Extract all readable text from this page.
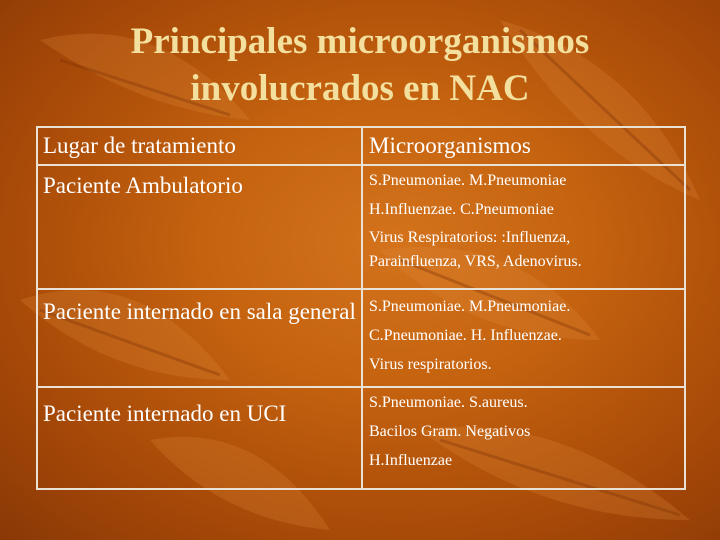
Principales microorganismos
involucrados en NAC
Lugar de tratamiento	Microorganismos
Paciente Ambulatorio	S.Pneumoniae. M.Pneumoniae
H.Influenzae. C.Pneumoniae
Virus Respiratorios: :Influenza,
Parainfluenza, VRS, Adenovirus.

Paciente internado en sala general	S.Pneumoniae. M.Pneumoniae.
C.Pneumoniae. H. Influenzae.
Virus respiratorios.

Paciente internado en UCI	S.Pneumoniae. S.aureus.
Bacilos Gram. Negativos
H.Influenzae
